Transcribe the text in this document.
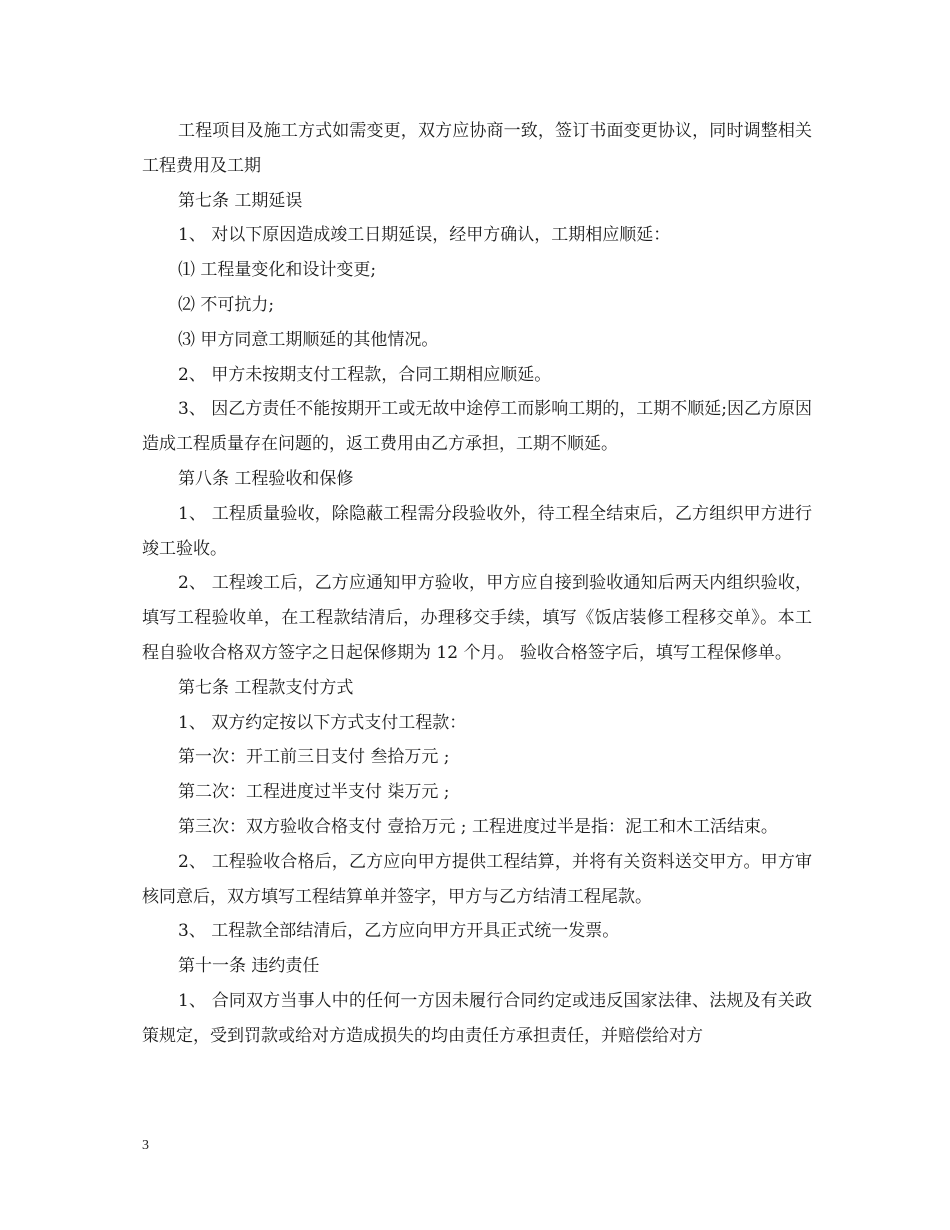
工程项目及施工方式如需变更，双方应协商一致，签订书面变更协议，同时调整相关工程费用及工期

第七条 工期延误

1、 对以下原因造成竣工日期延误，经甲方确认，工期相应顺延：

⑴ 工程量变化和设计变更;

⑵ 不可抗力;

⑶ 甲方同意工期顺延的其他情况。

2、 甲方未按期支付工程款，合同工期相应顺延。

3、 因乙方责任不能按期开工或无故中途停工而影响工期的，工期不顺延;因乙方原因造成工程质量存在问题的，返工费用由乙方承担，工期不顺延。

第八条 工程验收和保修

1、 工程质量验收，除隐蔽工程需分段验收外，待工程全结束后，乙方组织甲方进行竣工验收。

2、 工程竣工后，乙方应通知甲方验收，甲方应自接到验收通知后两天内组织验收，填写工程验收单，在工程款结清后，办理移交手续，填写《饭店装修工程移交单》。本工程自验收合格双方签字之日起保修期为 12 个月。 验收合格签字后，填写工程保修单。

第七条 工程款支付方式

1、 双方约定按以下方式支付工程款：

第一次：开工前三日支付 叁拾万元 ;

第二次：工程进度过半支付 柒万元 ;

第三次：双方验收合格支付 壹拾万元 ; 工程进度过半是指：泥工和木工活结束。

2、 工程验收合格后，乙方应向甲方提供工程结算，并将有关资料送交甲方。甲方审核同意后，双方填写工程结算单并签字，甲方与乙方结清工程尾款。

3、 工程款全部结清后，乙方应向甲方开具正式统一发票。

第十一条 违约责任

1、 合同双方当事人中的任何一方因未履行合同约定或违反国家法律、法规及有关政策规定，受到罚款或给对方造成损失的均由责任方承担责任，并赔偿给对方

3
